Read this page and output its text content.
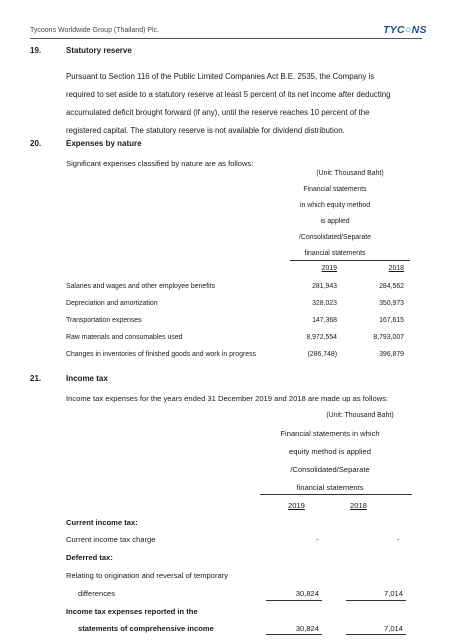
Tycoons Worldwide Group (Thailand) Plc.	TYC○NS
19.	Statutory reserve
Pursuant to Section 116 of the Public Limited Companies Act B.E. 2535, the Company is
required to set aside to a statutory reserve at least 5 percent of its net income after deducting
accumulated deficit brought forward (if any), until the reserve reaches 10 percent of the
registered capital. The statutory reserve is not available for dividend distribution.
20.	Expenses by nature
Significant expenses classified by nature are as follows:
(Unit: Thousand Baht)
Financial statements
in which equity method
is applied
/Consolidated/Separate
financial statements
2019	2018
Salaries and wages and other employee benefits	281,943	284,562
Depreciation and amortization	328,023	350,973
Transportation expenses	147,368	167,615
Raw materials and consumables used	8,972,554	8,793,007
Changes in inventories of finished goods and work in progress	(286,748)	396,879
21.	Income tax
Income tax expenses for the years ended 31 December 2019 and 2018 are made up as follows:
(Unit: Thousand Baht)
Financial statements in which
equity method is applied
/Consolidated/Separate
financial statements
2019	2018
Current income tax:
Current income tax charge	-	-
Deferred tax:
Relating to origination and reversal of temporary
differences	30,824	7,014
Income tax expenses reported in the
statements of comprehensive income	30,824	7,014
